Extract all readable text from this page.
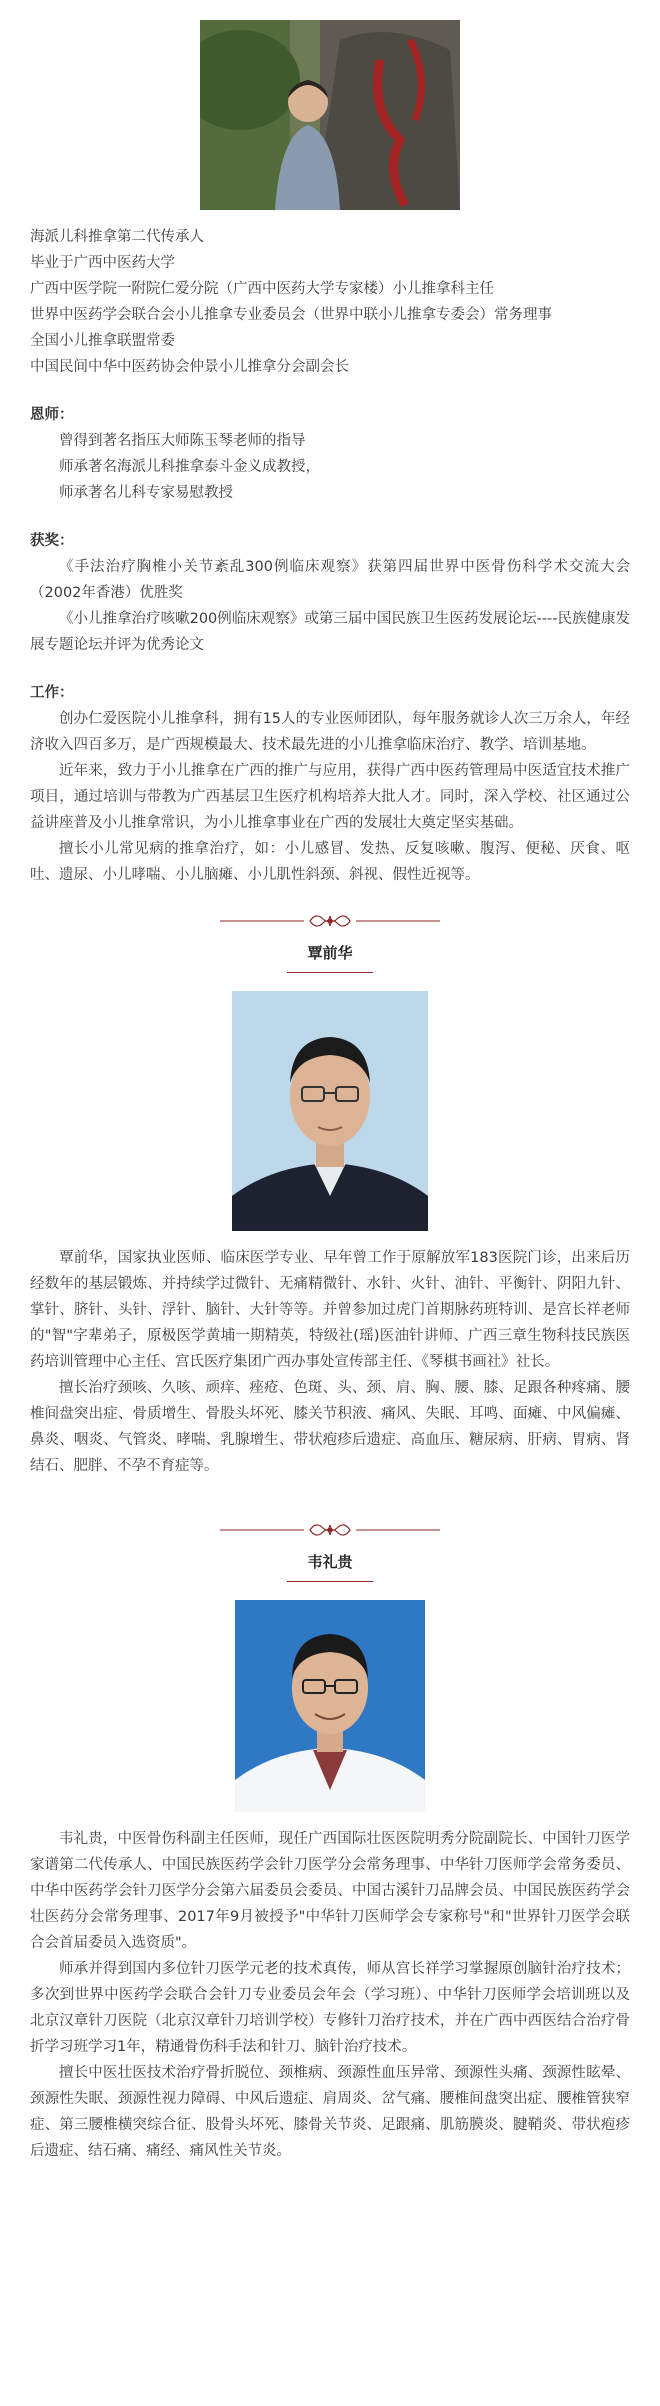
海派儿科推拿第二代传承人
毕业于广西中医药大学
广西中医学院一附院仁爱分院（广西中医药大学专家楼）小儿推拿科主任
世界中医药学会联合会小儿推拿专业委员会（世界中联小儿推拿专委会）常务理事
全国小儿推拿联盟常委
中国民间中华中医药协会仲景小儿推拿分会副会长
恩师：
曾得到著名指压大师陈玉琴老师的指导
师承著名海派儿科推拿泰斗金义成教授，
师承著名儿科专家易慰教授
获奖：
《手法治疗胸椎小关节紊乱300例临床观察》获第四届世界中医骨伤科学术交流大会（2002年香港）优胜奖
《小儿推拿治疗咳嗽200例临床观察》或第三届中国民族卫生医药发展论坛----民族健康发展专题论坛并评为优秀论文
工作：
创办仁爱医院小儿推拿科，拥有15人的专业医师团队，每年服务就诊人次三万余人，年经济收入四百多万，是广西规模最大、技术最先进的小儿推拿临床治疗、教学、培训基地。
近年来，致力于小儿推拿在广西的推广与应用，获得广西中医药管理局中医适宜技术推广项目，通过培训与带教为广西基层卫生医疗机构培养大批人才。同时，深入学校、社区通过公益讲座普及小儿推拿常识，为小儿推拿事业在广西的发展壮大奠定坚实基础。
擅长小儿常见病的推拿治疗，如：小儿感冒、发热、反复咳嗽、腹泻、便秘、厌食、呕吐、遗尿、小儿哮喘、小儿脑瘫、小儿肌性斜颈、斜视、假性近视等。
覃前华
覃前华，国家执业医师、临床医学专业、早年曾工作于原解放军183医院门诊，出来后历经数年的基层锻炼、并持续学过微针、无痛精微针、水针、火针、油针、平衡针、阴阳九针、掌针、脐针、头针、浮针、脑针、大针等等。并曾参加过虎门首期脉药班特训、是宫长祥老师的"智"字辈弟子，原极医学黄埔一期精英，特级社(瑶)医油针讲师、广西三章生物科技民族医药培训管理中心主任、宫氏医疗集团广西办事处宣传部主任、《琴棋书画社》社长。
擅长治疗颈咳、久咳、顽痒、痤疮、色斑、头、颈、肩、胸、腰、膝、足跟各种疼痛、腰椎间盘突出症、骨质增生、骨股头坏死、膝关节积液、痛风、失眠、耳鸣、面瘫、中风偏瘫、鼻炎、咽炎、气管炎、哮喘、乳腺增生、带状疱疹后遗症、高血压、糖尿病、肝病、胃病、肾结石、肥胖、不孕不育症等。
韦礼贵
韦礼贵，中医骨伤科副主任医师，现任广西国际壮医医院明秀分院副院长、中国针刀医学家谱第二代传承人、中国民族医药学会针刀医学分会常务理事、中华针刀医师学会常务委员、中华中医药学会针刀医学分会第六届委员会委员、中国古溪针刀品牌会员、中国民族医药学会壮医药分会常务理事、2017年9月被授予"中华针刀医师学会专家称号"和"世界针刀医学会联合会首届委员入选资质"。
师承并得到国内多位针刀医学元老的技术真传，师从宫长祥学习掌握原创脑针治疗技术；多次到世界中医药学会联合会针刀专业委员会年会（学习班）、中华针刀医师学会培训班以及北京汉章针刀医院（北京汉章针刀培训学校）专修针刀治疗技术，并在广西中西医结合治疗骨折学习班学习1年，精通骨伤科手法和针刀、脑针治疗技术。
擅长中医壮医技术治疗骨折脱位、颈椎病、颈源性血压异常、颈源性头痛、颈源性眩晕、颈源性失眠、颈源性视力障碍、中风后遗症、肩周炎、岔气痛、腰椎间盘突出症、腰椎管狭窄症、第三腰椎横突综合征、股骨头坏死、膝骨关节炎、足跟痛、肌筋膜炎、腱鞘炎、带状疱疹后遗症、结石痛、痛经、痛风性关节炎。
